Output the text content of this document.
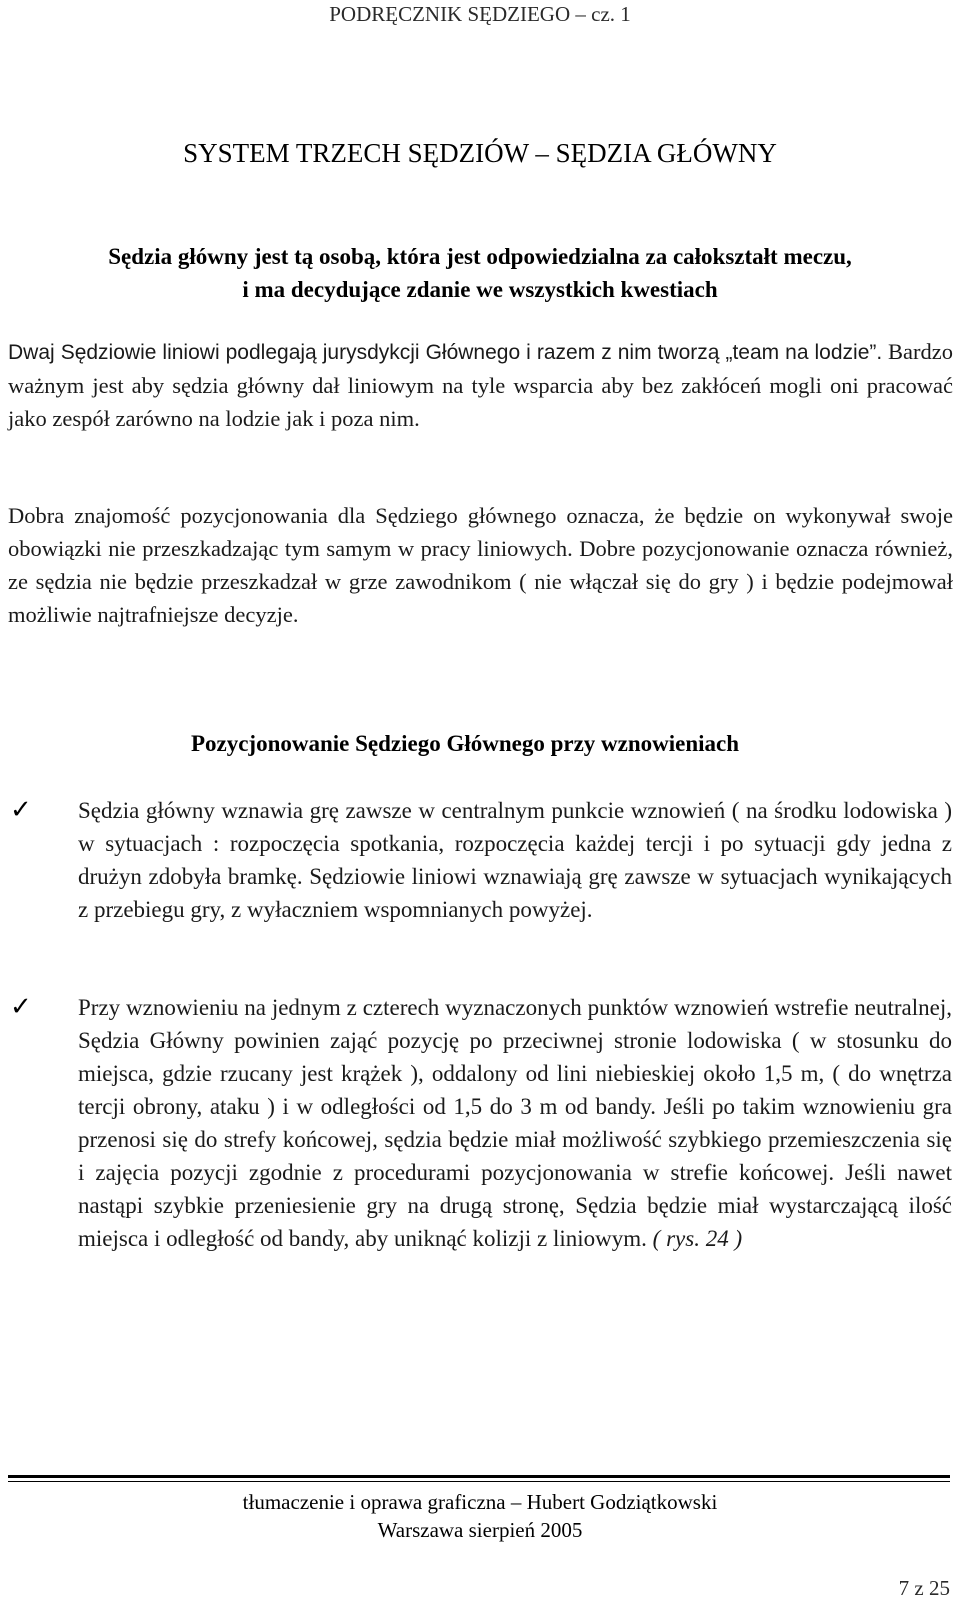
PODRĘCZNIK SĘDZIEGO – cz. 1
SYSTEM TRZECH SĘDZIÓW – SĘDZIA GŁÓWNY
Sędzia główny jest tą osobą, która jest odpowiedzialna za całokształt meczu,
i ma decydujące zdanie we wszystkich kwestiach

Dwaj Sędziowie liniowi podlegają jurysdykcji Głównego i razem z nim tworzą „team na lodzie”. Bardzo ważnym jest aby sędzia główny dał liniowym na tyle wsparcia aby bez zakłóceń mogli oni pracować jako zespół zarówno na lodzie jak i poza nim.

Dobra znajomość pozycjonowania dla Sędziego głównego oznacza, że będzie on wykonywał swoje obowiązki nie przeszkadzając tym samym w pracy liniowych. Dobre pozycjonowanie oznacza również, ze sędzia nie będzie przeszkadzał w grze zawodnikom ( nie włączał się do gry ) i będzie podejmował możliwie najtrafniejsze decyzje.

Pozycjonowanie Sędziego Głównego przy wznowieniach
✓	Sędzia główny wznawia grę zawsze w centralnym punkcie wznowień ( na środku lodowiska ) w sytuacjach : rozpoczęcia spotkania, rozpoczęcia każdej tercji i po sytuacji gdy jedna z drużyn zdobyła bramkę. Sędziowie liniowi wznawiają grę zawsze w sytuacjach wynikających z przebiegu gry, z wyłaczniem wspomnianych powyżej.

✓	Przy wznowieniu na jednym z czterech wyznaczonych punktów wznowień wstrefie neutralnej, Sędzia Główny powinien zająć pozycję po przeciwnej stronie lodowiska ( w stosunku do miejsca, gdzie rzucany jest krążek ), oddalony od lini niebieskiej około 1,5 m, ( do wnętrza tercji obrony, ataku ) i w odległości od 1,5 do 3 m od bandy. Jeśli po takim wznowieniu gra przenosi się do strefy końcowej, sędzia będzie miał możliwość szybkiego przemieszczenia się i zajęcia pozycji zgodnie z procedurami pozycjonowania w strefie końcowej. Jeśli nawet nastąpi szybkie przeniesienie gry na drugą stronę, Sędzia będzie miał wystarczającą ilość miejsca i odległość od bandy, aby uniknąć kolizji z liniowym. ( rys. 24 )

tłumaczenie i oprawa graficzna – Hubert Godziątkowski
Warszawa sierpień 2005
7 z 25
